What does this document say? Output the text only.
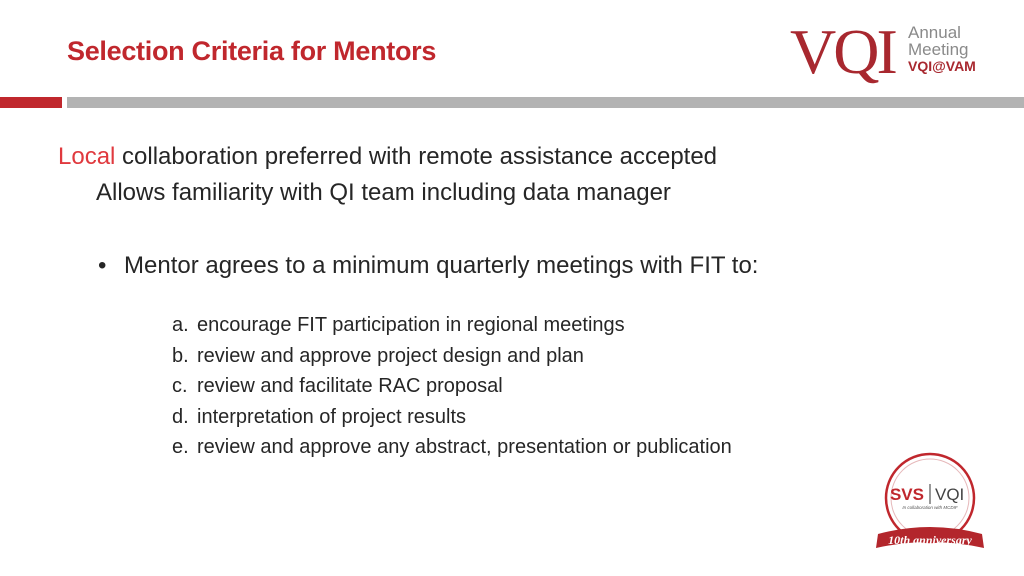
Selection Criteria for Mentors	VQI Annual
Meeting
VQI@VAM
Local collaboration preferred with remote assistance accepted
Allows familiarity with QI team including data manager
• Mentor agrees to a minimum quarterly meetings with FIT to:
a. encourage FIT participation in regional meetings
b. review and approve project design and plan
c. review and facilitate RAC proposal
d. interpretation of project results
e. review and approve any abstract, presentation or publication
SVS VQI
In collaboration with MCDIF
10th anniversary
